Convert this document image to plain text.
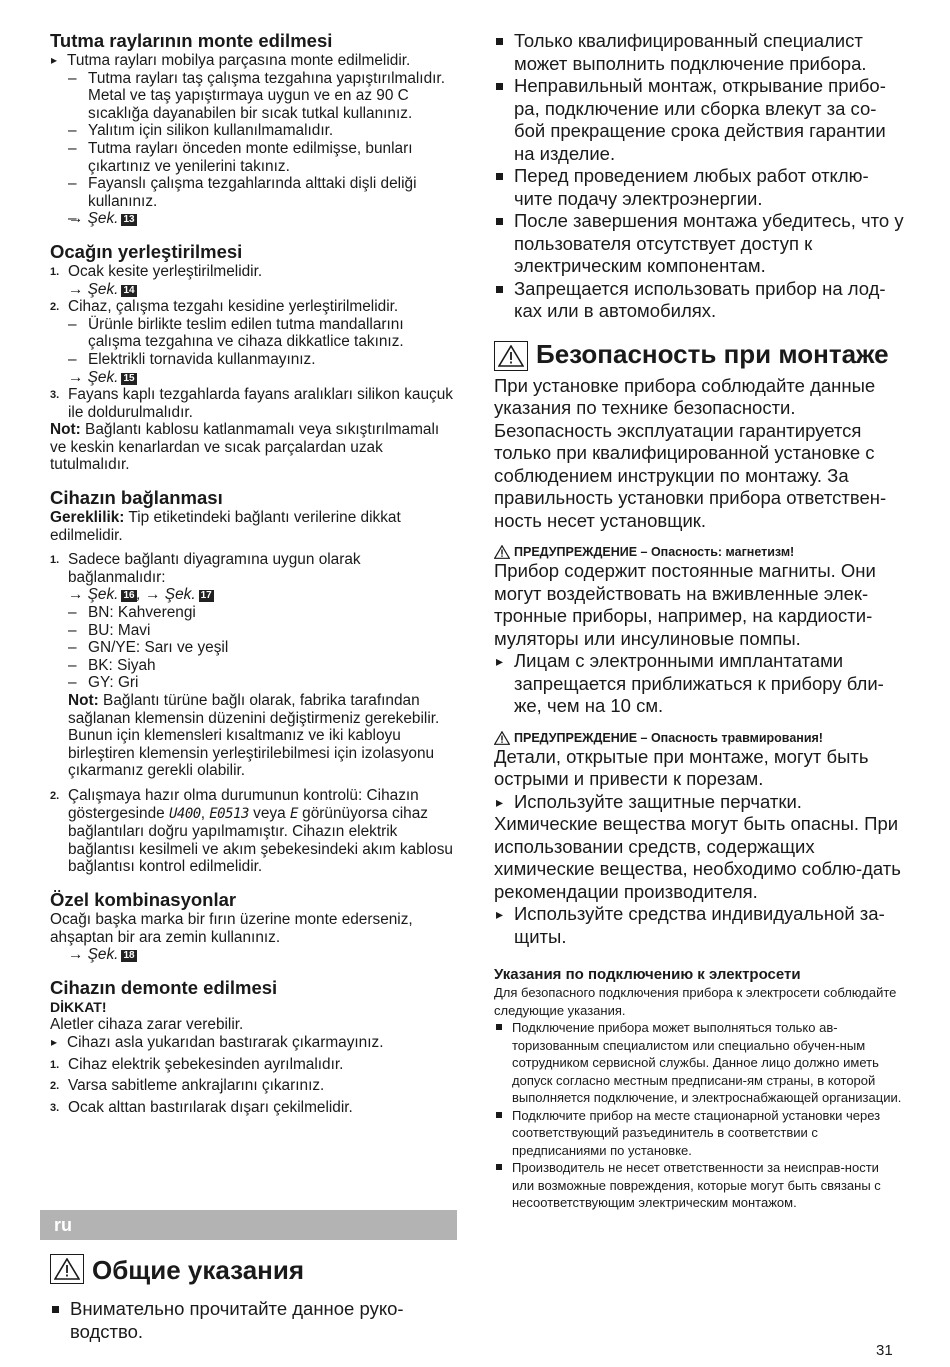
Tutma raylarının monte edilmesi

▸ Tutma rayları mobilya parçasına monte edilmelidir.

– Tutma rayları taş çalışma tezgahına yapıştırılmalıdır. Metal ve taş yapıştırmaya uygun ve en az 90 C sıcaklığa dayanabilen bir sıcak tutkal kullanınız.

– Yalıtım için silikon kullanılmamalıdır.

– Tutma rayları önceden monte edilmişse, bunları çıkartınız ve yenilerini takınız.

– Fayanslı çalışma tezgahlarında alttaki dişli deliği kullanınız.

– → Şek. 13

Ocağın yerleştirilmesi
1. Ocak kesite yerleştirilmelidir.
→ Şek. 14
2. Cihaz, çalışma tezgahı kesidine yerleştirilmelidir.

– Ürünle birlikte teslim edilen tutma mandallarını çalışma tezgahına ve cihaza dikkatlice takınız.

– Elektrikli tornavida kullanmayınız.

→ Şek. 15
3. Fayans kaplı tezgahlarda fayans aralıkları silikon kauçuk ile doldurulmalıdır.

Not: Bağlantı kablosu katlanmamalı veya sıkıştırılmamalı ve keskin kenarlardan ve sıcak parçalardan uzak tutulmalıdır.

Cihazın bağlanması

Gereklilik: Tip etiketindeki bağlantı verilerine dikkat edilmelidir.

1. Sadece bağlantı diyagramına uygun olarak bağlanmalıdır:
→ Şek. 16 , → Şek. 17

– BN: Kahverengi

– BU: Mavi

– GN/YE: Sarı ve yeşil

– BK: Siyah

– GY: Gri

Not: Bağlantı türüne bağlı olarak, fabrika tarafından sağlanan klemensin düzenini değiştirmeniz gerekebilir. Bunun için klemensleri kısaltmanız ve iki kabloyu birleştiren klemensin yerleştirilebilmesi için izolasyonu çıkarmanız gerekli olabilir.

2. Çalışmaya hazır olma durumunun kontrolü: Cihazın göstergesinde U400, E0513 veya E görünüyorsa cihaz bağlantıları doğru yapılmamıştır. Cihazın elektrik bağlantısı kesilmeli ve akım şebekesindeki akım kablosu bağlantısı kontrol edilmelidir.
Özel kombinasyonlar

Ocağı başka marka bir fırın üzerine monte ederseniz, ahşaptan bir ara zemin kullanınız.

→ Şek. 18
Cihazın demonte edilmesi

DİKKAT!

Aletler cihaza zarar verebilir.

▸ Cihazı asla yukarıdan bastırarak çıkarmayınız.

1. Cihaz elektrik şebekesinden ayrılmalıdır.
2. Varsa sabitleme ankrajlarını çıkarınız.
3. Ocak alttan bastırılarak dışarı çekilmelidir.
ru
Общие указания

Внимательно прочитайте данное руко-водство.

Только квалифицированный специалист может выполнить подключение прибора.

Неправильный монтаж, открывание прибо-ра, подключение или сборка влекут за со-бой прекращение срока действия гарантии на изделие.

Перед проведением любых работ отклю-чите подачу электроэнергии.

После завершения монтажа убедитесь, что у пользователя отсутствует доступ к электрическим компонентам.

Запрещается использовать прибор на лод-ках или в автомобилях.

Безопасность при монтаже

При установке прибора соблюдайте данные указания по технике безопасности.

Безопасность эксплуатации гарантируется только при квалифицированной установке с соблюдением инструкции по монтажу. За правильность установки прибора ответствен-ность несет установщик.

ПРЕДУПРЕЖДЕНИЕ – Опасность: магнетизм!

Прибор содержит постоянные магниты. Они могут воздействовать на вживленные элек-тронные приборы, например, на кардиости-муляторы или инсулиновые помпы.

▸ Лицам с электронными имплантатами запрещается приближаться к прибору бли-же, чем на 10 см.

ПРЕДУПРЕЖДЕНИЕ – Опасность травмирования!

Детали, открытые при монтаже, могут быть острыми и привести к порезам.

▸ Используйте защитные перчатки.

Химические вещества могут быть опасны. При использовании средств, содержащих химические вещества, необходимо соблю-дать рекомендации производителя.

▸ Используйте средства индивидуальной за-щиты.

Указания по подключению к электросети

Для безопасного подключения прибора к электросети соблюдайте следующие указания.

Подключение прибора может выполняться только ав-торизованным специалистом или специально обучен-ным сотрудником сервисной службы. Данное лицо должно иметь допуск согласно местным предписани-ям страны, в которой выполняется подключение, и электроснабжающей организации.

Подключите прибор на месте стационарной установки через соответствующий разъединитель в соответствии с предписаниями по установке.

Производитель не несет ответственности за неисправ-ности или возможные повреждения, которые могут быть связаны с несоответствующим электрическим монтажом.

31
